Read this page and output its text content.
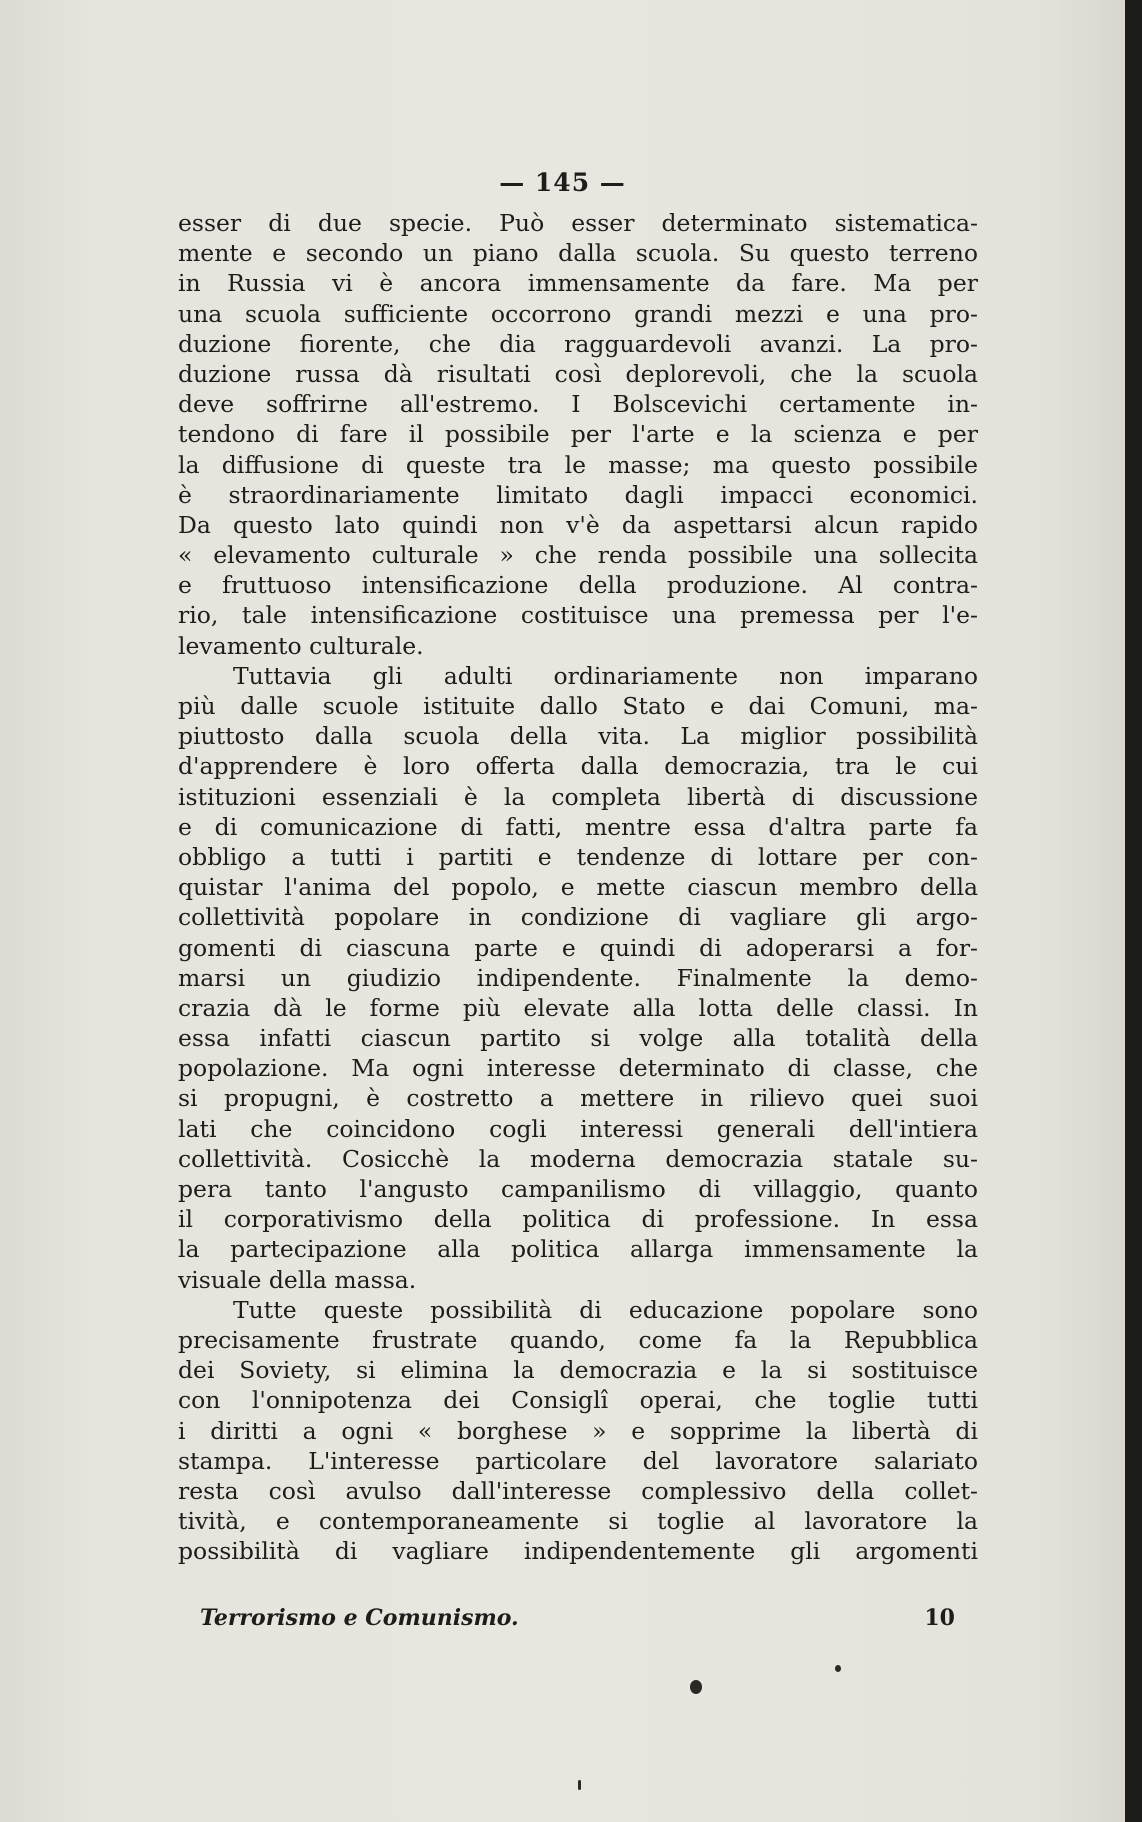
— 145 —
esser di due specie. Può esser determinato sistematica-
mente e secondo un piano dalla scuola. Su questo terreno
in Russia vi è ancora immensamente da fare. Ma per
una scuola sufficiente occorrono grandi mezzi e una pro-
duzione fiorente, che dia ragguardevoli avanzi. La pro-
duzione russa dà risultati così deplorevoli, che la scuola
deve soffrirne all'estremo. I Bolscevichi certamente in-
tendono di fare il possibile per l'arte e la scienza e per
la diffusione di queste tra le masse; ma questo possibile
è straordinariamente limitato dagli impacci economici.
Da questo lato quindi non v'è da aspettarsi alcun rapido
« elevamento culturale » che renda possibile una sollecita
e fruttuoso intensificazione della produzione. Al contra-
rio, tale intensificazione costituisce una premessa per l'e-
levamento culturale.
Tuttavia gli adulti ordinariamente non imparano
più dalle scuole istituite dallo Stato e dai Comuni, ma-
piuttosto dalla scuola della vita. La miglior possibilità
d'apprendere è loro offerta dalla democrazia, tra le cui
istituzioni essenziali è la completa libertà di discussione
e di comunicazione di fatti, mentre essa d'altra parte fa
obbligo a tutti i partiti e tendenze di lottare per con-
quistar l'anima del popolo, e mette ciascun membro della
collettività popolare in condizione di vagliare gli argo-
gomenti di ciascuna parte e quindi di adoperarsi a for-
marsi un giudizio indipendente. Finalmente la demo-
crazia dà le forme più elevate alla lotta delle classi. In
essa infatti ciascun partito si volge alla totalità della
popolazione. Ma ogni interesse determinato di classe, che
si propugni, è costretto a mettere in rilievo quei suoi
lati che coincidono cogli interessi generali dell'intiera
collettività. Cosicchè la moderna democrazia statale su-
pera tanto l'angusto campanilismo di villaggio, quanto
il corporativismo della politica di professione. In essa
la partecipazione alla politica allarga immensamente la
visuale della massa.
Tutte queste possibilità di educazione popolare sono
precisamente frustrate quando, come fa la Repubblica
dei Soviety, si elimina la democrazia e la si sostituisce
con l'onnipotenza dei Consiglî operai, che toglie tutti
i diritti a ogni « borghese » e sopprime la libertà di
stampa. L'interesse particolare del lavoratore salariato
resta così avulso dall'interesse complessivo della collet-
tività, e contemporaneamente si toglie al lavoratore la
possibilità di vagliare indipendentemente gli argomenti
Terrorismo e Comunismo.	10
